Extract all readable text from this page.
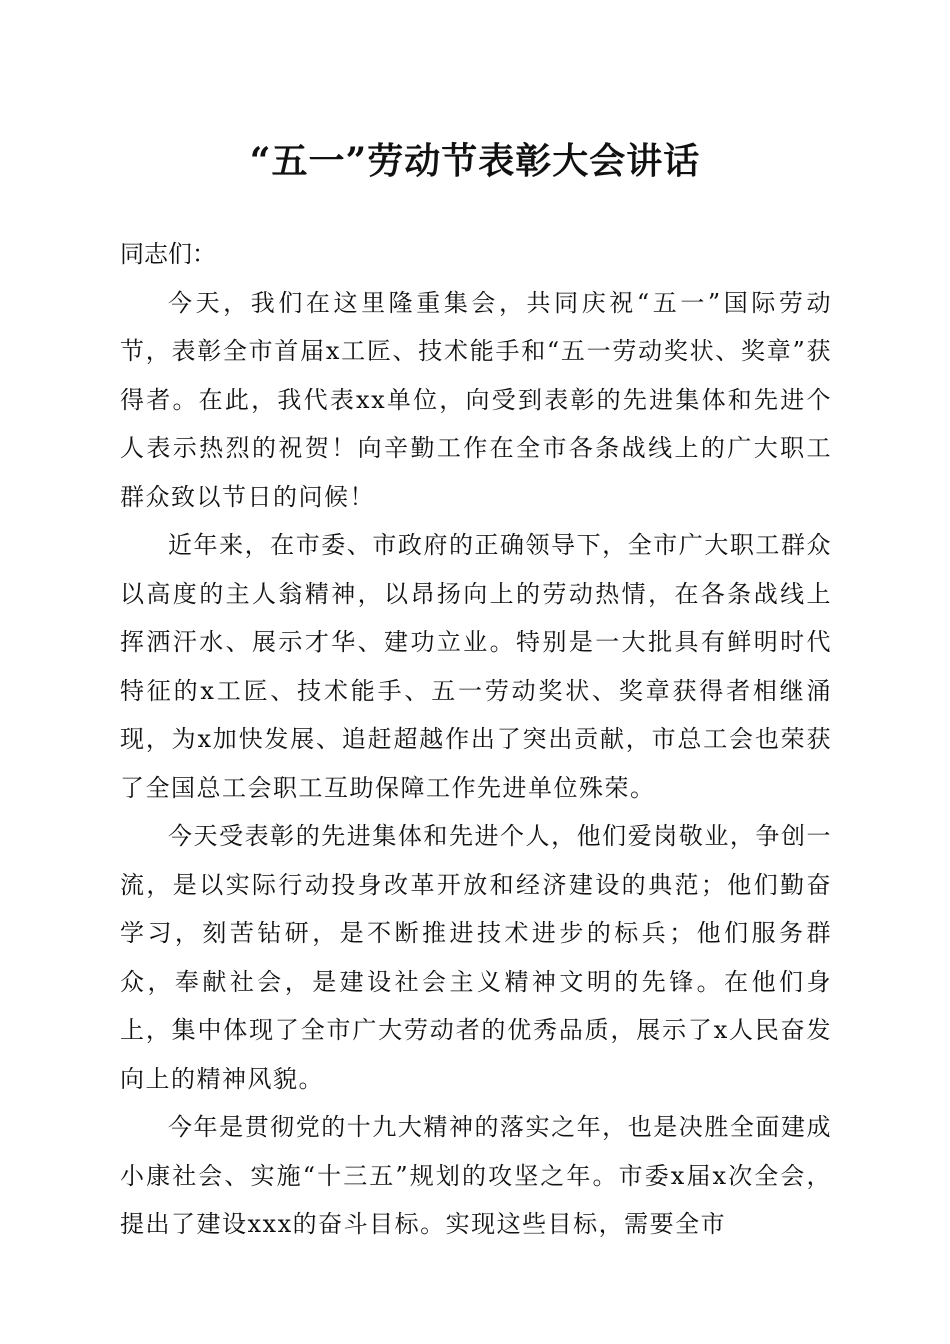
“五一”劳动节表彰大会讲话

同志们：

今天，我们在这里隆重集会，共同庆祝“五一”国际劳动节，表彰全市首届x工匠、技术能手和“五一劳动奖状、奖章”获得者。在此，我代表xx单位，向受到表彰的先进集体和先进个人表示热烈的祝贺！向辛勤工作在全市各条战线上的广大职工群众致以节日的问候！

近年来，在市委、市政府的正确领导下，全市广大职工群众以高度的主人翁精神，以昂扬向上的劳动热情，在各条战线上挥洒汗水、展示才华、建功立业。特别是一大批具有鲜明时代特征的x工匠、技术能手、五一劳动奖状、奖章获得者相继涌现，为x加快发展、追赶超越作出了突出贡献，市总工会也荣获了全国总工会职工互助保障工作先进单位殊荣。

今天受表彰的先进集体和先进个人，他们爱岗敬业，争创一流，是以实际行动投身改革开放和经济建设的典范；他们勤奋学习，刻苦钻研，是不断推进技术进步的标兵；他们服务群众，奉献社会，是建设社会主义精神文明的先锋。在他们身上，集中体现了全市广大劳动者的优秀品质，展示了x人民奋发向上的精神风貌。

今年是贯彻党的十九大精神的落实之年，也是决胜全面建成小康社会、实施“十三五”规划的攻坚之年。市委x届x次全会，提出了建设xxx的奋斗目标。实现这些目标，需要全市
